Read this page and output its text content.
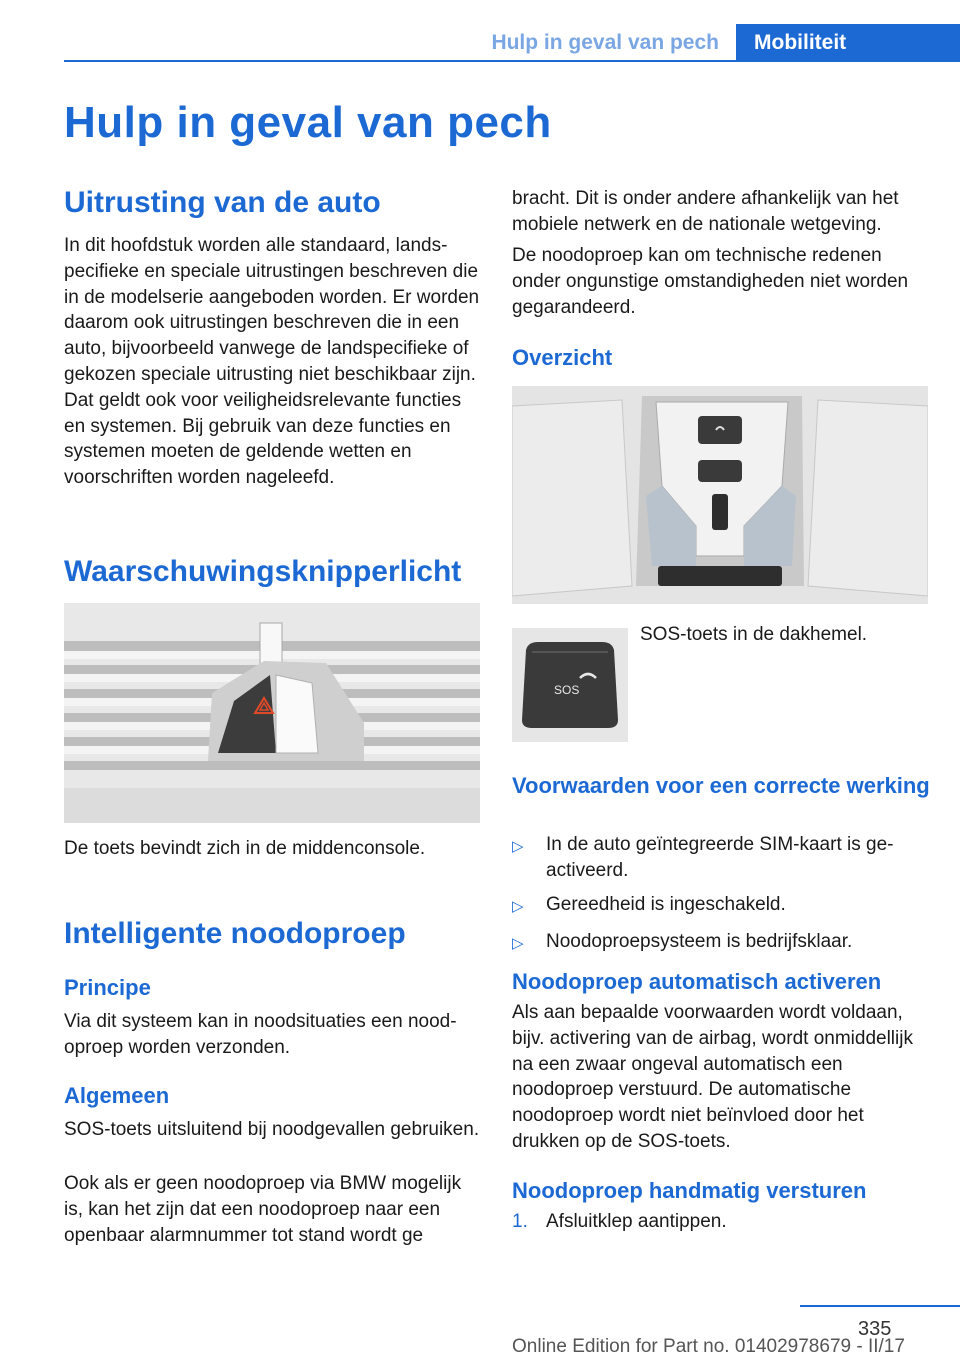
Hulp in geval van pech	Mobiliteit
Hulp in geval van pech
Uitrusting van de auto

In dit hoofdstuk worden alle standaard, landspecifieke en speciale uitrustingen beschreven die in de modelserie aangeboden worden. Er worden daarom ook uitrustingen beschreven die in een auto, bijvoorbeeld vanwege de landspecifieke of gekozen speciale uitrusting niet beschikbaar zijn. Dat geldt ook voor veiligheidsrelevante functies en systemen. Bij gebruik van deze functies en systemen moeten de geldende wetten en voorschriften worden nageleefd.

Waarschuwingsknipperlicht

De toets bevindt zich in de middenconsole.

Intelligente noodoproep
Principe

Via dit systeem kan in noodsituaties een noodoproep worden verzonden.

Algemeen

SOS-toets uitsluitend bij noodgevallen gebruiken.

Ook als er geen noodoproep via BMW mogelijk is, kan het zijn dat een noodoproep naar een openbaar alarmnummer tot stand wordt ge

bracht. Dit is onder andere afhankelijk van het mobiele netwerk en de nationale wetgeving.

De noodoproep kan om technische redenen onder ongunstige omstandigheden niet worden gegarandeerd.

Overzicht
SOS

SOS-toets in de dakhemel.

Voorwaarden voor een correcte werking
▷ In de auto geïntegreerde SIM-kaart is geactiveerd.
▷ Gereedheid is ingeschakeld.
▷ Noodoproepsysteem is bedrijfsklaar.
Noodoproep automatisch activeren

Als aan bepaalde voorwaarden wordt voldaan, bijv. activering van de airbag, wordt onmiddellijk na een zwaar ongeval automatisch een noodoproep verstuurd. De automatische noodoproep wordt niet beïnvloed door het drukken op de SOS-toets.

Noodoproep handmatig versturen
1. Afsluitklep aantippen.
335
Online Edition for Part no. 01402978679 - II/17
